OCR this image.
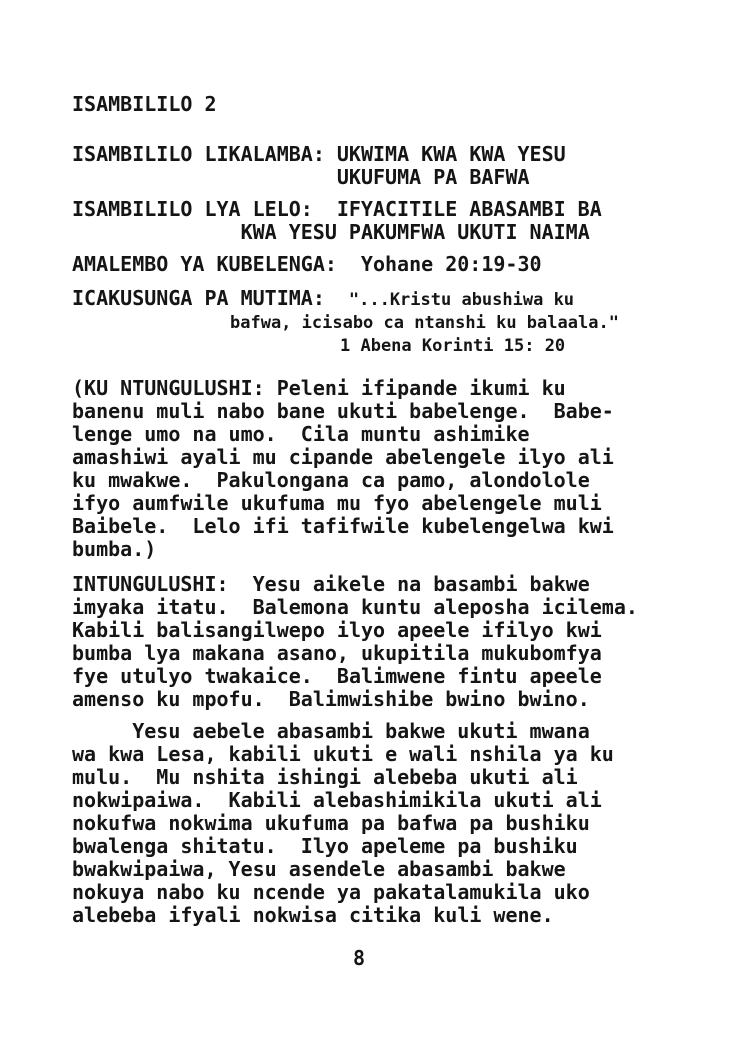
ISAMBILILO 2
ISAMBILILO LIKALAMBA: UKWIMA KWA KWA YESU
UKUFUMA PA BAFWA
ISAMBILILO LYA LELO: IFYACITILE ABASAMBI BA
KWA YESU PAKUMFWA UKUTI NAIMA
AMALEMBO YA KUBELENGA: Yohane 20:19-30
ICAKUSUNGA PA MUTIMA: "...Kristu abushiwa ku
bafwa, icisabo ca ntanshi ku balaala."
1 Abena Korinti 15: 20
(KU NTUNGULUSHI: Peleni ifipande ikumi ku
banenu muli nabo bane ukuti babelenge.  Babe-
lenge umo na umo.  Cila muntu ashimike
amashiwi ayali mu cipande abelengele ilyo ali
ku mwakwe.  Pakulongana ca pamo, alondolole
ifyo aumfwile ukufuma mu fyo abelengele muli
Baibele.  Lelo ifi tafifwile kubelengelwa kwi
bumba.)
INTUNGULUSHI:  Yesu aikele na basambi bakwe
imyaka itatu.  Balemona kuntu aleposha icilema.
Kabili balisangilwepo ilyo apeele ifilyo kwi
bumba lya makana asano, ukupitila mukubomfya
fye utulyo twakaice.  Balimwene fintu apeele
amenso ku mpofu.  Balimwishibe bwino bwino.
Yesu aebele abasambi bakwe ukuti mwana
wa kwa Lesa, kabili ukuti e wali nshila ya ku
mulu.  Mu nshita ishingi alebeba ukuti ali
nokwipaiwa.  Kabili alebashimikila ukuti ali
nokufwa nokwima ukufuma pa bafwa pa bushiku
bwalenga shitatu.  Ilyo apeleme pa bushiku
bwakwipaiwa, Yesu asendele abasambi bakwe
nokuya nabo ku ncende ya pakatalamukila uko
alebeba ifyali nokwisa citika kuli wene.
8
